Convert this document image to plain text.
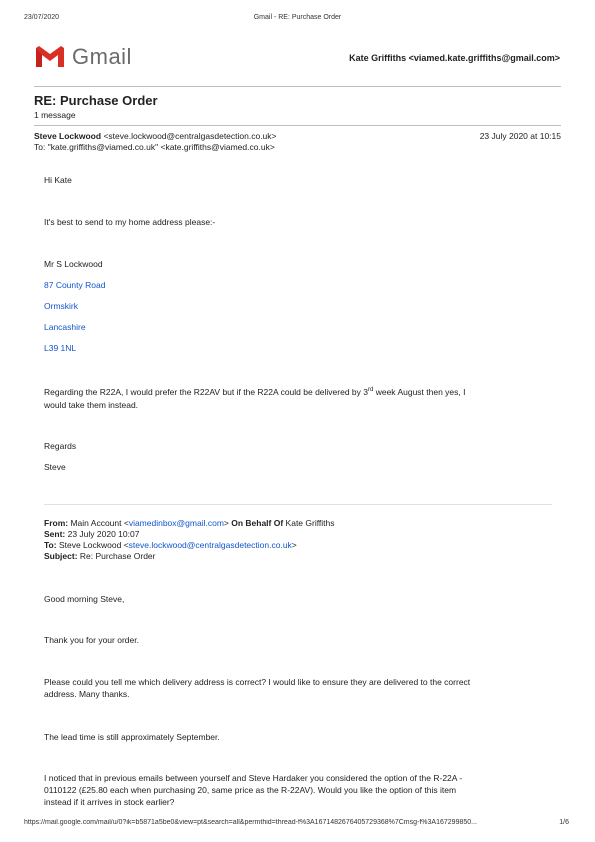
23/07/2020	Gmail - RE: Purchase Order
Gmail	Kate Griffiths <viamed.kate.griffiths@gmail.com>
RE: Purchase Order
1 message
Steve Lockwood <steve.lockwood@centralgasdetection.co.uk>	23 July 2020 at 10:15
To: "kate.griffiths@viamed.co.uk" <kate.griffiths@viamed.co.uk>
Hi Kate
It's best to send to my home address please:-
Mr S Lockwood
87 County Road
Ormskirk
Lancashire
L39 1NL
Regarding the R22A, I would prefer the R22AV but if the R22A could be delivered by 3rd week August then yes, I
would take them instead.
Regards
Steve
From: Main Account <viamedinbox@gmail.com> On Behalf Of Kate Griffiths
Sent: 23 July 2020 10:07
To: Steve Lockwood <steve.lockwood@centralgasdetection.co.uk>
Subject: Re: Purchase Order
Good morning Steve,
Thank you for your order.
Please could you tell me which delivery address is correct? I would like to ensure they are delivered to the correct
address. Many thanks.
The lead time is still approximately September.
I noticed that in previous emails between yourself and Steve Hardaker you considered the option of the R-22A -
0110122 (£25.80 each when purchasing 20, same price as the R-22AV). Would you like the option of this item
instead if it arrives in stock earlier?
https://mail.google.com/mail/u/0?ik=b5871a5be0&view=pt&search=all&permthid=thread-f%3A1671482676405729368%7Cmsg-f%3A167299850...	1/6
